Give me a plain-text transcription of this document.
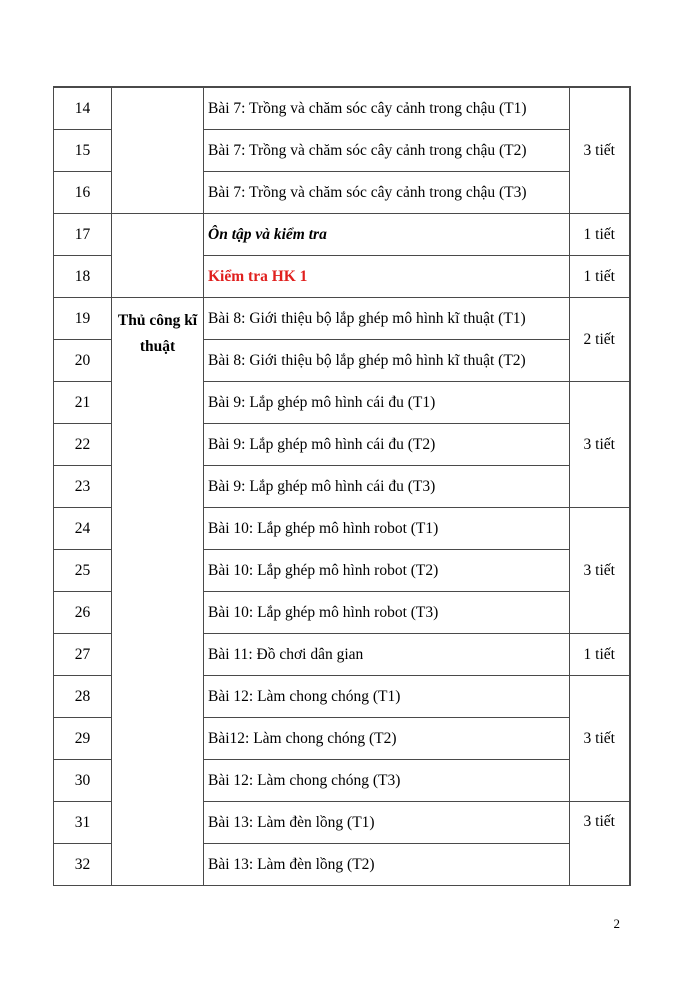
14		Bài 7: Trồng và chăm sóc cây cảnh trong chậu (T1)	3 tiết
15		Bài 7: Trồng và chăm sóc cây cảnh trong chậu (T2)	
16		Bài 7: Trồng và chăm sóc cây cảnh trong chậu (T3)	
17		Ôn tập và kiểm tra	1 tiết
18		Kiểm tra HK 1	1 tiết
19	Thủ công kĩ thuật	Bài 8: Giới thiệu bộ lắp ghép mô hình kĩ thuật (T1)	2 tiết
20		Bài 8: Giới thiệu bộ lắp ghép mô hình kĩ thuật (T2)	
21		Bài 9: Lắp ghép mô hình cái đu (T1)	3 tiết
22		Bài 9: Lắp ghép mô hình cái đu (T2)	
23		Bài 9: Lắp ghép mô hình cái đu (T3)	
24		Bài 10: Lắp ghép mô hình robot (T1)	3 tiết
25		Bài 10: Lắp ghép mô hình robot (T2)	
26		Bài 10: Lắp ghép mô hình robot (T3)	
27		Bài 11: Đồ chơi dân gian	1 tiết
28		Bài 12: Làm chong chóng (T1)	3 tiết
29		Bài12: Làm chong chóng (T2)	
30		Bài 12: Làm chong chóng (T3)	
31		Bài 13: Làm đèn lồng (T1)	3 tiết
32		Bài 13: Làm đèn lồng (T2)	
2
